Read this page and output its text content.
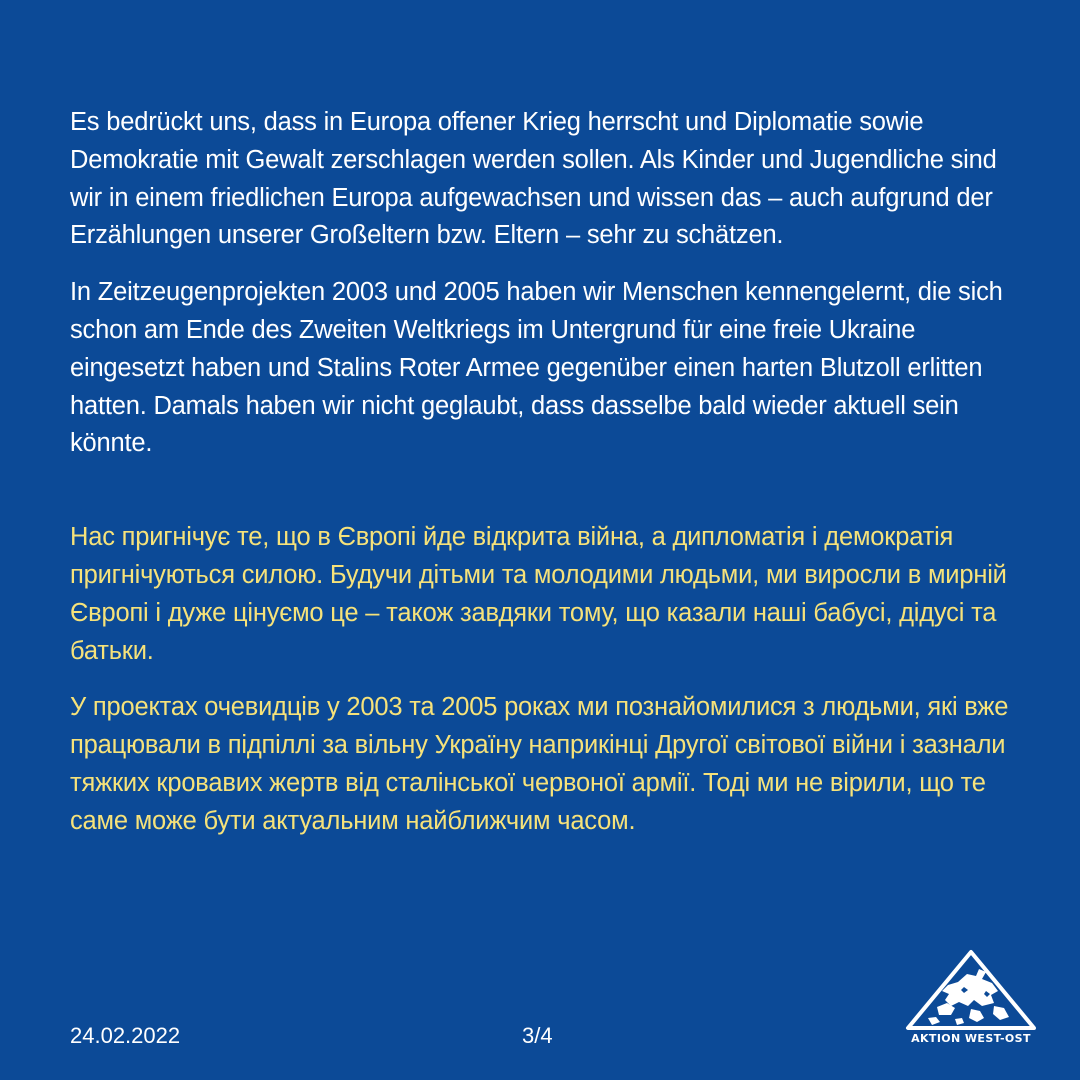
Es bedrückt uns, dass in Europa offener Krieg herrscht und Diplomatie sowie Demokratie mit Gewalt zerschlagen werden sollen. Als Kinder und Jugendliche sind wir in einem friedlichen Europa aufgewachsen und wissen das – auch aufgrund der Erzählungen unserer Großeltern bzw. Eltern – sehr zu schätzen.

In Zeitzeugenprojekten 2003 und 2005 haben wir Menschen kennengelernt, die sich schon am Ende des Zweiten Weltkriegs im Untergrund für eine freie Ukraine eingesetzt haben und Stalins Roter Armee gegenüber einen harten Blutzoll erlitten hatten. Damals haben wir nicht geglaubt, dass dasselbe bald wieder aktuell sein könnte.

Нас пригнічує те, що в Європі йде відкрита війна, а дипломатія і демократія пригнічуються силою. Будучи дітьми та молодими людьми, ми виросли в мирній Європі і дуже цінуємо це – також завдяки тому, що казали наші бабусі, дідусі та батьки.

У проектах очевидців у 2003 та 2005 роках ми познайомилися з людьми, які вже працювали в підпіллі за вільну Україну наприкінці Другої світової війни і зазнали тяжких кровавих жертв від сталінської червоної армії. Тоді ми не вірили, що те саме може бути актуальним найближчим часом.

24.02.2022	3/4	AKTION WEST-OST
